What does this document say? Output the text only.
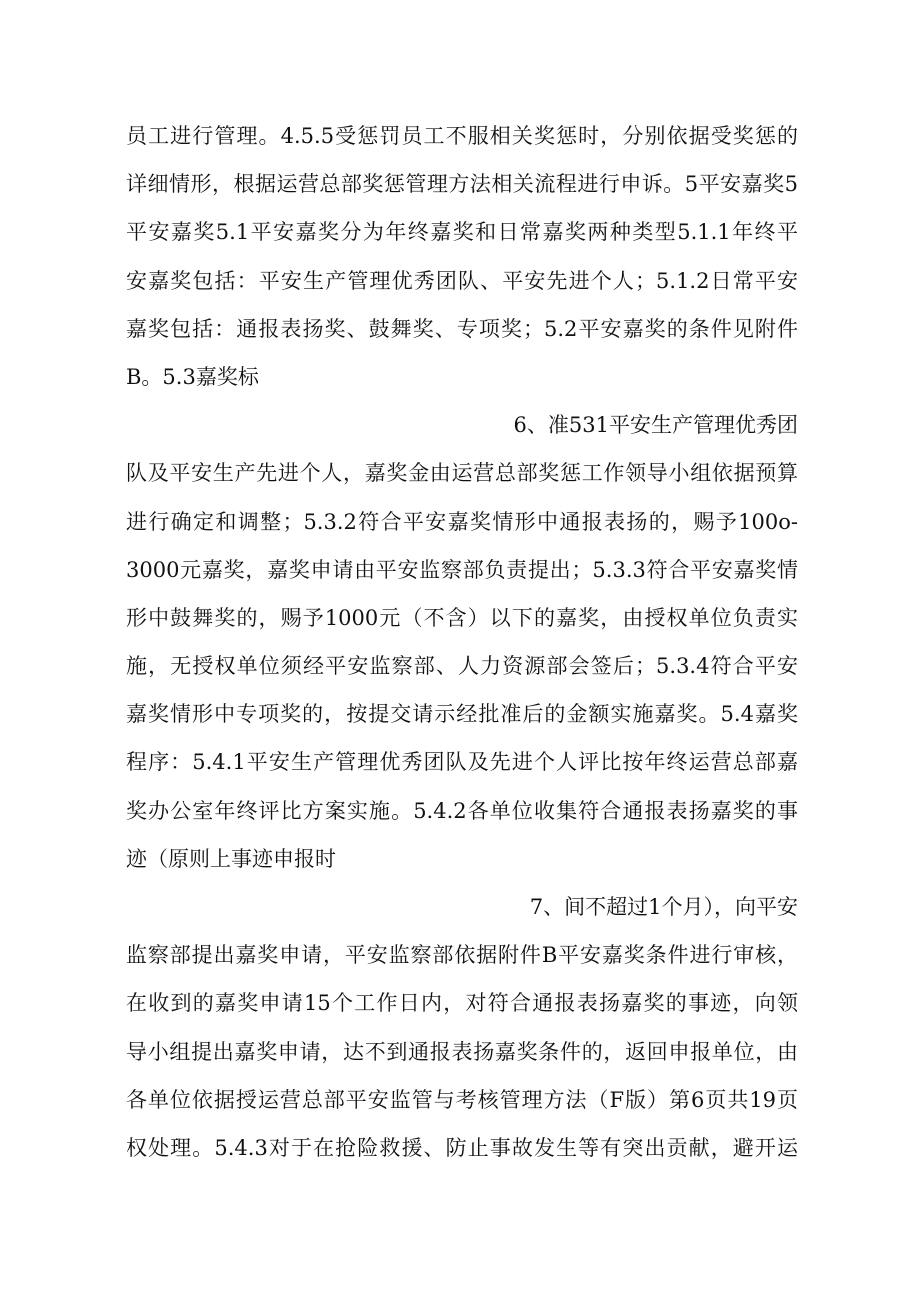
员工进行管理。4.5.5受惩罚员工不服相关奖惩时，分别依据受奖惩的
详细情形，根据运营总部奖惩管理方法相关流程进行申诉。5平安嘉奖5
平安嘉奖5.1平安嘉奖分为年终嘉奖和日常嘉奖两种类型5.1.1年终平
安嘉奖包括：平安生产管理优秀团队、平安先进个人；5.1.2日常平安
嘉奖包括：通报表扬奖、鼓舞奖、专项奖；5.2平安嘉奖的条件见附件
B。5.3嘉奖标
6、准531平安生产管理优秀团
队及平安生产先进个人，嘉奖金由运营总部奖惩工作领导小组依据预算
进行确定和调整；5.3.2符合平安嘉奖情形中通报表扬的，赐予100o-
3000元嘉奖，嘉奖申请由平安监察部负责提出；5.3.3符合平安嘉奖情
形中鼓舞奖的，赐予1000元（不含）以下的嘉奖，由授权单位负责实
施，无授权单位须经平安监察部、人力资源部会签后；5.3.4符合平安
嘉奖情形中专项奖的，按提交请示经批准后的金额实施嘉奖。5.4嘉奖
程序：5.4.1平安生产管理优秀团队及先进个人评比按年终运营总部嘉
奖办公室年终评比方案实施。5.4.2各单位收集符合通报表扬嘉奖的事
迹（原则上事迹申报时
7、间不超过1个月），向平安
监察部提出嘉奖申请，平安监察部依据附件B平安嘉奖条件进行审核，
在收到的嘉奖申请15个工作日内，对符合通报表扬嘉奖的事迹，向领
导小组提出嘉奖申请，达不到通报表扬嘉奖条件的，返回申报单位，由
各单位依据授运营总部平安监管与考核管理方法（F版）第6页共19页
权处理。5.4.3对于在抢险救援、防止事故发生等有突出贡献，避开运
